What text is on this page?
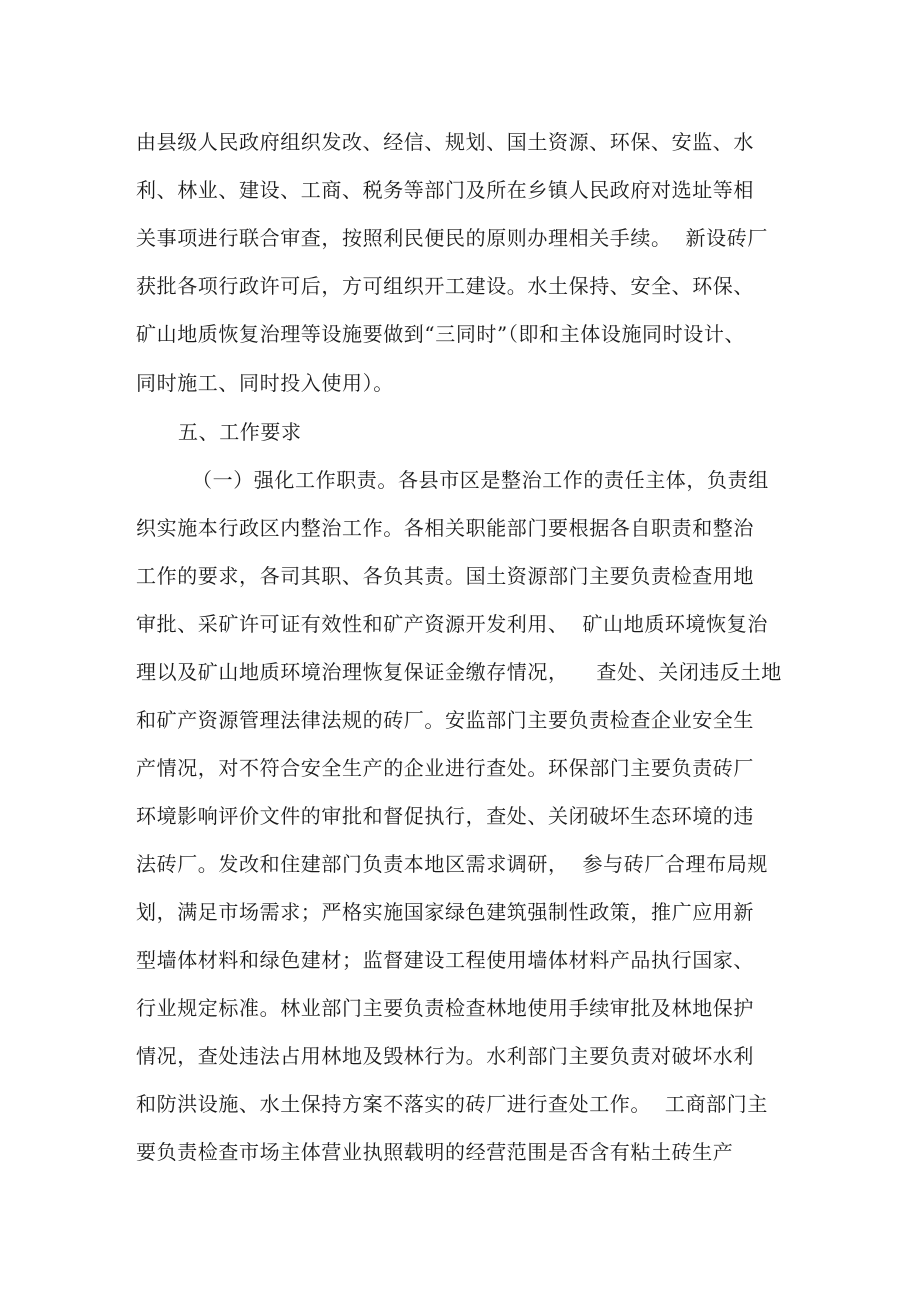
由县级人民政府组织发改、经信、规划、国土资源、环保、安监、水
利、林业、建设、工商、税务等部门及所在乡镇人民政府对选址等相
关事项进行联合审查，按照利民便民的原则办理相关手续。  新设砖厂
获批各项行政许可后，方可组织开工建设。水土保持、安全、环保、
矿山地质恢复治理等设施要做到“三同时”（即和主体设施同时设计、
同时施工、同时投入使用）。
五、工作要求
（一）强化工作职责。各县市区是整治工作的责任主体，负责组
织实施本行政区内整治工作。各相关职能部门要根据各自职责和整治
工作的要求，各司其职、各负其责。国土资源部门主要负责检查用地
审批、采矿许可证有效性和矿产资源开发利用、  矿山地质环境恢复治
理以及矿山地质环境治理恢复保证金缴存情况，    查处、关闭违反土地
和矿产资源管理法律法规的砖厂。安监部门主要负责检查企业安全生
产情况，对不符合安全生产的企业进行查处。环保部门主要负责砖厂
环境影响评价文件的审批和督促执行，查处、关闭破坏生态环境的违
法砖厂。发改和住建部门负责本地区需求调研，  参与砖厂合理布局规
划，满足市场需求；严格实施国家绿色建筑强制性政策，推广应用新
型墙体材料和绿色建材；监督建设工程使用墙体材料产品执行国家、
行业规定标准。林业部门主要负责检查林地使用手续审批及林地保护
情况，查处违法占用林地及毁林行为。水利部门主要负责对破坏水利
和防洪设施、水土保持方案不落实的砖厂进行查处工作。  工商部门主
要负责检查市场主体营业执照载明的经营范围是否含有粘土砖生产
